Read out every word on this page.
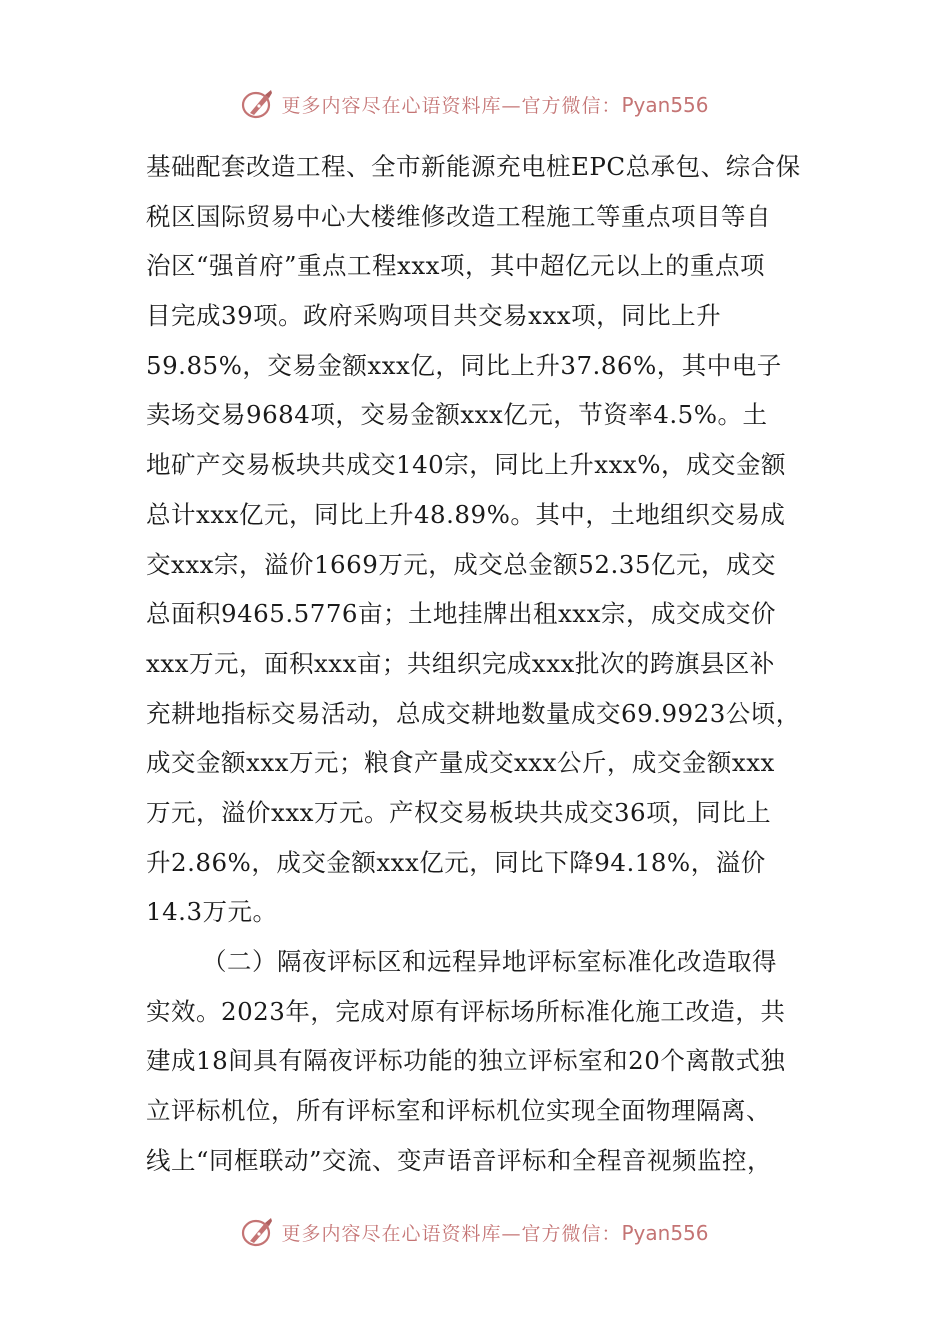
更多内容尽在心语资料库—官方微信：Pyan556
基础配套改造工程、全市新能源充电桩EPC总承包、综合保
税区国际贸易中心大楼维修改造工程施工等重点项目等自
治区“强首府”重点工程xxx项，其中超亿元以上的重点项
目完成39项。政府采购项目共交易xxx项，同比上升
59.85%，交易金额xxx亿，同比上升37.86%，其中电子
卖场交易9684项，交易金额xxx亿元，节资率4.5%。土
地矿产交易板块共成交140宗，同比上升xxx%，成交金额
总计xxx亿元，同比上升48.89%。其中，土地组织交易成
交xxx宗，溢价1669万元，成交总金额52.35亿元，成交
总面积9465.5776亩；土地挂牌出租xxx宗，成交成交价
xxx万元，面积xxx亩；共组织完成xxx批次的跨旗县区补
充耕地指标交易活动，总成交耕地数量成交69.9923公顷，
成交金额xxx万元；粮食产量成交xxx公斤，成交金额xxx
万元，溢价xxx万元。产权交易板块共成交36项，同比上
升2.86%，成交金额xxx亿元，同比下降94.18%，溢价
14.3万元。
（二）隔夜评标区和远程异地评标室标准化改造取得
实效。2023年，完成对原有评标场所标准化施工改造，共
建成18间具有隔夜评标功能的独立评标室和20个离散式独
立评标机位，所有评标室和评标机位实现全面物理隔离、
线上“同框联动”交流、变声语音评标和全程音视频监控，
更多内容尽在心语资料库—官方微信：Pyan556
